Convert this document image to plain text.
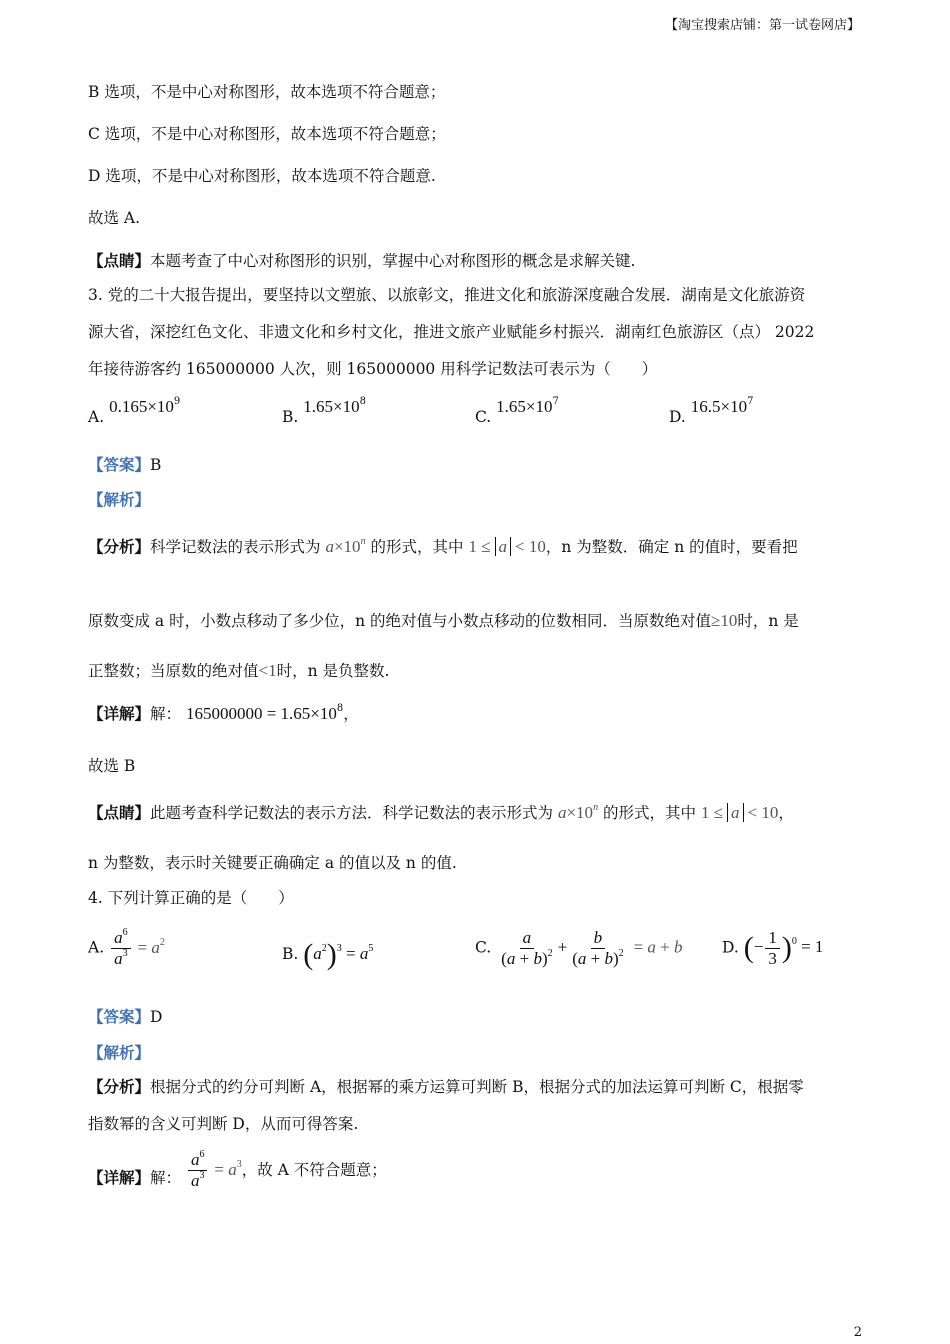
【淘宝搜索店铺：第一试卷网店】
B 选项，不是中心对称图形，故本选项不符合题意；
C 选项，不是中心对称图形，故本选项不符合题意；
D 选项，不是中心对称图形，故本选项不符合题意.
故选 A.
【点睛】本题考查了中心对称图形的识别，掌握中心对称图形的概念是求解关键.
3. 党的二十大报告提出，要坚持以文塑旅、以旅彰文，推进文化和旅游深度融合发展．湖南是文化旅游资
源大省，深挖红色文化、非遗文化和乡村文化，推进文旅产业赋能乡村振兴．湖南红色旅游区（点） 2022
年接待游客约 165000000 人次，则 165000000 用科学记数法可表示为（　　）
A. $0.165\times 10^9$
B. $1.65\times 10^8$
C. $1.65\times 10^7$
D. $16.5\times 10^7$
【答案】B
【解析】
【分析】科学记数法的表示形式为 $a\times 10^n$ 的形式，其中 1 ≤ a < 10，n 为整数．确定 n 的值时，要看把
原数变成 a 时，小数点移动了多少位，n 的绝对值与小数点移动的位数相同．当原数绝对值≥10时，n 是
正整数；当原数的绝对值<1时，n 是负整数.
【详解】解： $165000000 = 1.65\times 10^8$，
故选 B
【点睛】此题考查科学记数法的表示方法．科学记数法的表示形式为 $a\times 10^n$ 的形式，其中 1 ≤ a < 10，
n 为整数，表示时关键要正确确定 a 的值以及 n 的值.
4. 下列计算正确的是（　　）
A. $\frac{a^6}{a^3} = a^2$
B. $(a^2)^3 = a^5$	C. $\frac{a}{(a + b)^2} + \frac{b}{(a + b)^2} = a + b$	D. (− $\frac{1}{3} )^0 = 1$
【答案】D
【解析】
【分析】根据分式的约分可判断 A，根据幂的乘方运算可判断 B，根据分式的加法运算可判断 C，根据零
指数幂的含义可判断 D，从而可得答案.
【详解】解： $\frac{a^6}{a^3} = a^3$，故 A 不符合题意；
2
